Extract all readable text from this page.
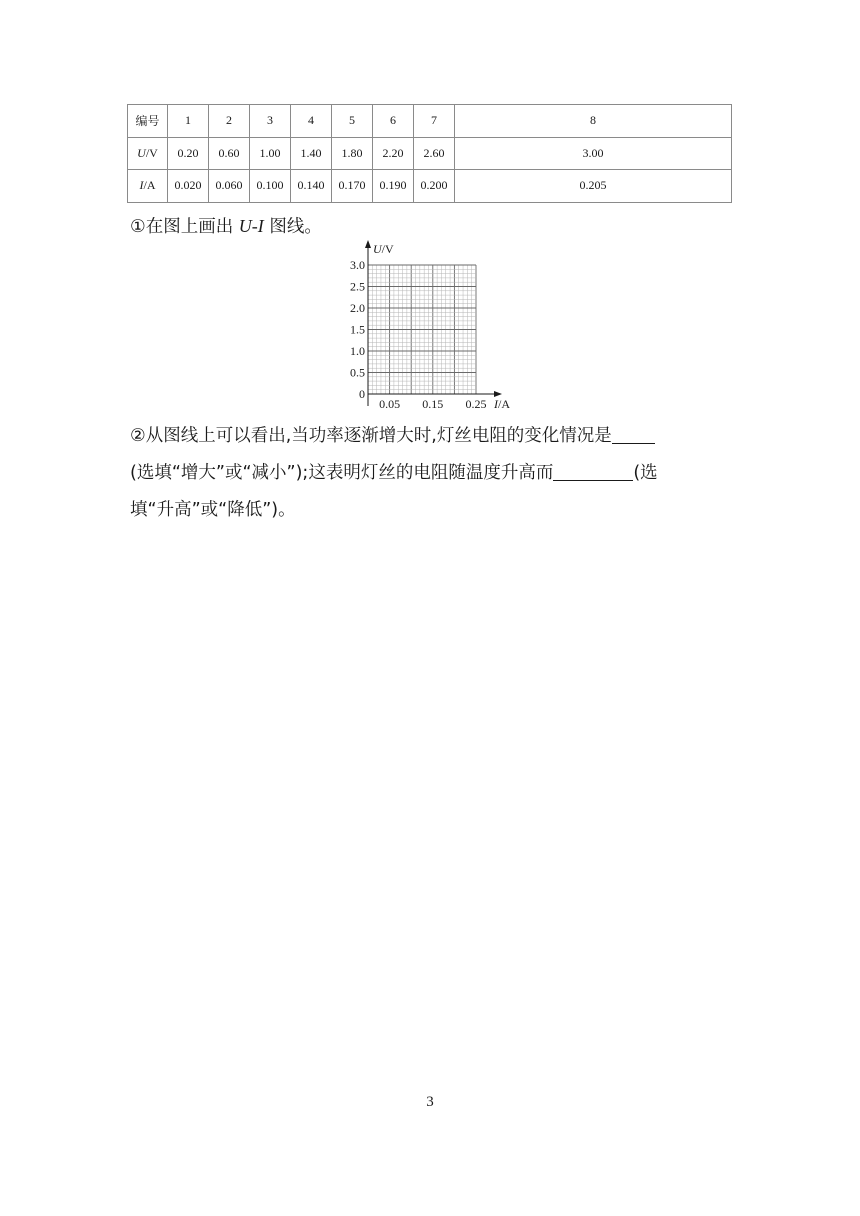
编号	1	2	3	4	5	6	7	8
U/V	0.20	0.60	1.00	1.40	1.80	2.20	2.60	3.00
I/A	0.020	0.060	0.100	0.140	0.170	0.190	0.200	0.205
①在图上画出 U-I 图线。
U/V
I/A
0
0.5
1.0
1.5
2.0
2.5
3.0
0.05 0.15 0.25
②从图线上可以看出,当功率逐渐增大时,灯丝电阻的变化情况是
(选填“增大”或“减小”);这表明灯丝的电阻随温度升高而	(选
填“升高”或“降低”)。
3
